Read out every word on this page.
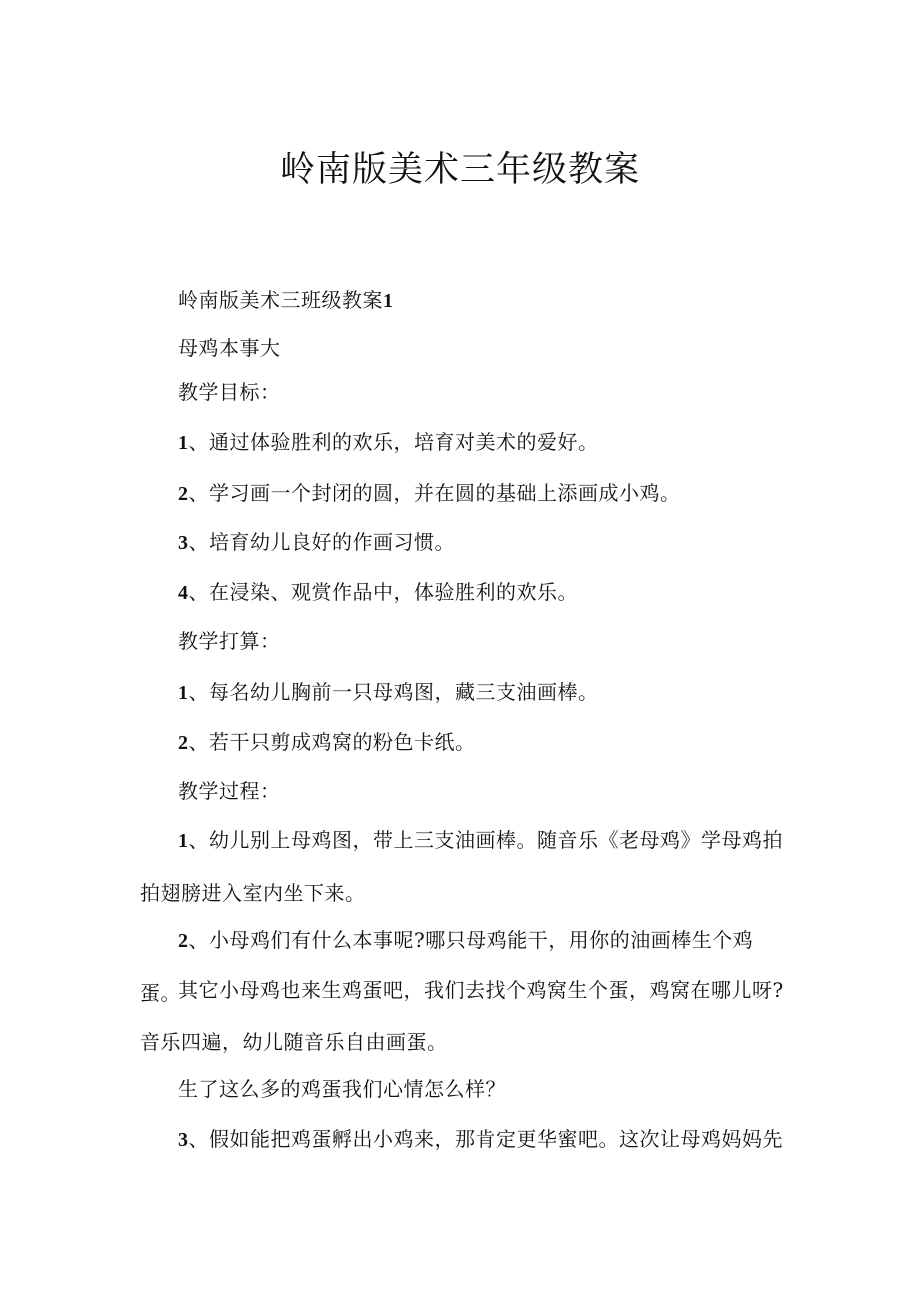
岭南版美术三年级教案
岭南版美术三班级教案1
母鸡本事大
教学目标：
1、通过体验胜利的欢乐，培育对美术的爱好。
2、学习画一个封闭的圆，并在圆的基础上添画成小鸡。
3、培育幼儿良好的作画习惯。
4、在浸染、观赏作品中，体验胜利的欢乐。
教学打算：
1、每名幼儿胸前一只母鸡图，藏三支油画棒。
2、若干只剪成鸡窝的粉色卡纸。
教学过程：

1、幼儿别上母鸡图，带上三支油画棒。随音乐《老母鸡》学母鸡拍拍翅膀进入室内坐下来。

2、小母鸡们有什么本事呢?哪只母鸡能干，用你的油画棒生个鸡蛋。

其它小母鸡也来生鸡蛋吧，我们去找个鸡窝生个蛋，鸡窝在哪儿呀?音乐四遍，幼儿随音乐自由画蛋。

生了这么多的鸡蛋我们心情怎么样？

3、假如能把鸡蛋孵出小鸡来，那肯定更华蜜吧。这次让母鸡妈妈先
